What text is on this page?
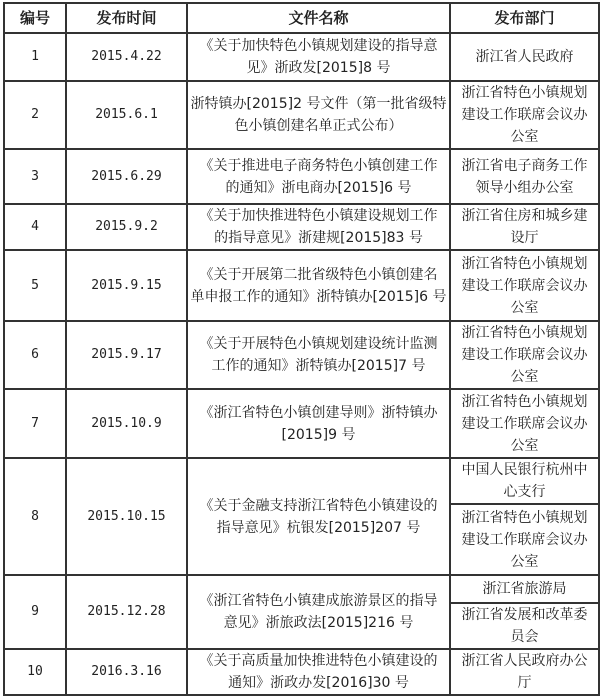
编号	发布时间	文件名称	发布部门
1	2015.4.22	《关于加快特色小镇规划建设的指导意
见》浙政发[2015]8 号	浙江省人民政府

2	2015.6.1	浙特镇办[2015]2 号文件（第一批省级特
色小镇创建名单正式公布）	浙江省特色小镇规划
建设工作联席会议办
公室

3	2015.6.29	《关于推进电子商务特色小镇创建工作
的通知》浙电商办[2015]6 号	浙江省电子商务工作
领导小组办公室

4	2015.9.2	《关于加快推进特色小镇建设规划工作
的指导意见》浙建规[2015]83 号	浙江省住房和城乡建
设厅

5	2015.9.15	《关于开展第二批省级特色小镇创建名
单申报工作的通知》浙特镇办[2015]6 号	浙江省特色小镇规划
建设工作联席会议办
公室

6	2015.9.17	《关于开展特色小镇规划建设统计监测
工作的通知》浙特镇办[2015]7 号	浙江省特色小镇规划
建设工作联席会议办
公室

7	2015.10.9	《浙江省特色小镇创建导则》浙特镇办
[2015]9 号	浙江省特色小镇规划
建设工作联席会议办
公室

8	2015.10.15	《关于金融支持浙江省特色小镇建设的
指导意见》杭银发[2015]207 号	中国人民银行杭州中
心支行

			浙江省特色小镇规划
建设工作联席会议办
公室

9	2015.12.28	《浙江省特色小镇建成旅游景区的指导
意见》浙旅政法[2015]216 号	浙江省旅游局

			浙江省发展和改革委
员会

10	2016.3.16	《关于高质量加快推进特色小镇建设的
通知》浙政办发[2016]30 号	浙江省人民政府办公
厅
